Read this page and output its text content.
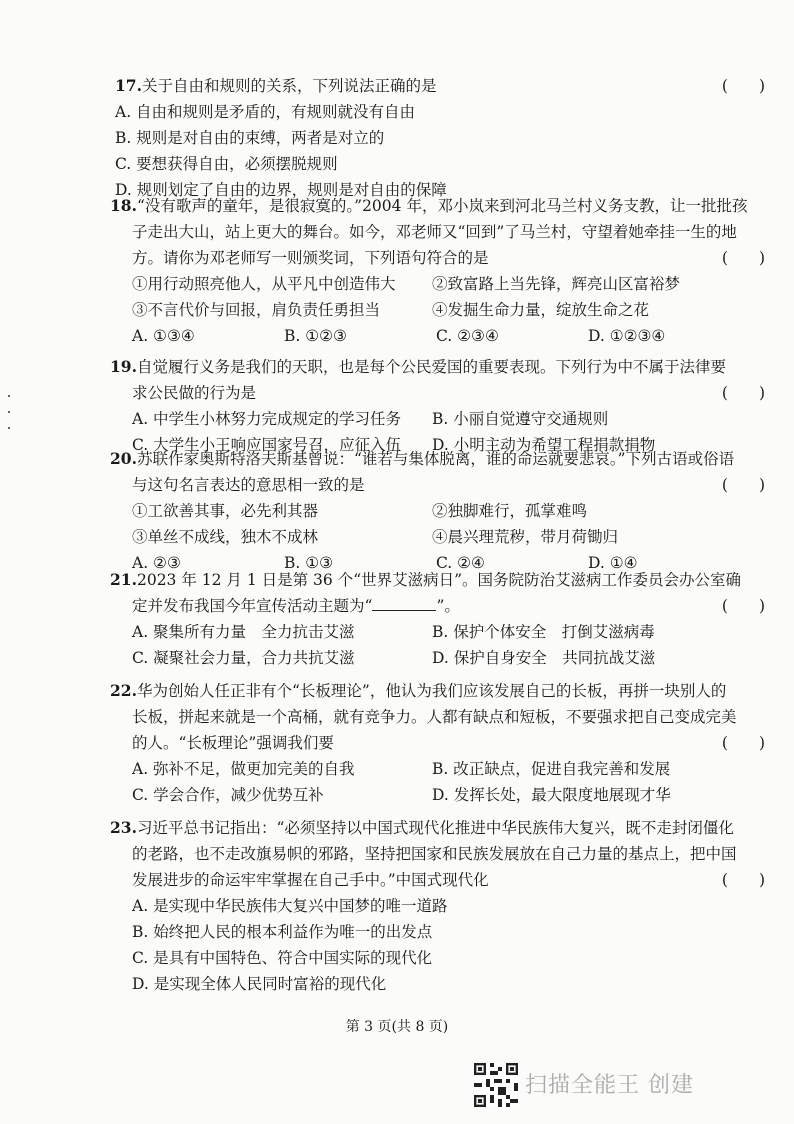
17.关于自由和规则的关系，下列说法正确的是	(　　)
A. 自由和规则是矛盾的，有规则就没有自由
B. 规则是对自由的束缚，两者是对立的
C. 要想获得自由，必须摆脱规则
D. 规则划定了自由的边界，规则是对自由的保障
18.“没有歌声的童年，是很寂寞的。”2004 年，邓小岚来到河北马兰村义务支教，让一批批孩
子走出大山，站上更大的舞台。如今，邓老师又“回到”了马兰村，守望着她牵挂一生的地
方。请你为邓老师写一则颁奖词，下列语句符合的是	(　　)
①用行动照亮他人，从平凡中创造伟大	②致富路上当先锋，辉亮山区富裕梦
③不言代价与回报，肩负责任勇担当	④发掘生命力量，绽放生命之花
A. ①③④	B. ①②③	C. ②③④	D. ①②③④
19.自觉履行义务是我们的天职，也是每个公民爱国的重要表现。下列行为中不属于法律要
求公民做的行为是	(　　)
A. 中学生小林努力完成规定的学习任务	B. 小丽自觉遵守交通规则
C. 大学生小王响应国家号召，应征入伍	D. 小明主动为希望工程捐款捐物
20.苏联作家奥斯特洛夫斯基曾说：“谁若与集体脱离，谁的命运就要悲哀。”下列古语或俗语
与这句名言表达的意思相一致的是	(　　)
①工欲善其事，必先利其器	②独脚难行，孤掌难鸣
③单丝不成线，独木不成林	④晨兴理荒秽，带月荷锄归
A. ②③	B. ①③	C. ②④	D. ①④
21.2023 年 12 月 1 日是第 36 个“世界艾滋病日”。国务院防治艾滋病工作委员会办公室确
定并发布我国今年宣传活动主题为“	”。	(　　)
A. 聚集所有力量　全力抗击艾滋	B. 保护个体安全　打倒艾滋病毒
C. 凝聚社会力量，合力共抗艾滋	D. 保护自身安全　共同抗战艾滋
22.华为创始人任正非有个“长板理论”，他认为我们应该发展自己的长板，再拼一块别人的
长板，拼起来就是一个高桶，就有竞争力。人都有缺点和短板，不要强求把自己变成完美
的人。“长板理论”强调我们要	(　　)
A. 弥补不足，做更加完美的自我	B. 改正缺点，促进自我完善和发展
C. 学会合作，减少优势互补	D. 发挥长处，最大限度地展现才华
23.习近平总书记指出：“必须坚持以中国式现代化推进中华民族伟大复兴，既不走封闭僵化
的老路，也不走改旗易帜的邪路，坚持把国家和民族发展放在自己力量的基点上，把中国
发展进步的命运牢牢掌握在自己手中。”中国式现代化	(　　)
A. 是实现中华民族伟大复兴中国梦的唯一道路
B. 始终把人民的根本利益作为唯一的出发点
C. 是具有中国特色、符合中国实际的现代化
D. 是实现全体人民同时富裕的现代化
第 3 页(共 8 页)
扫描全能王 创建
